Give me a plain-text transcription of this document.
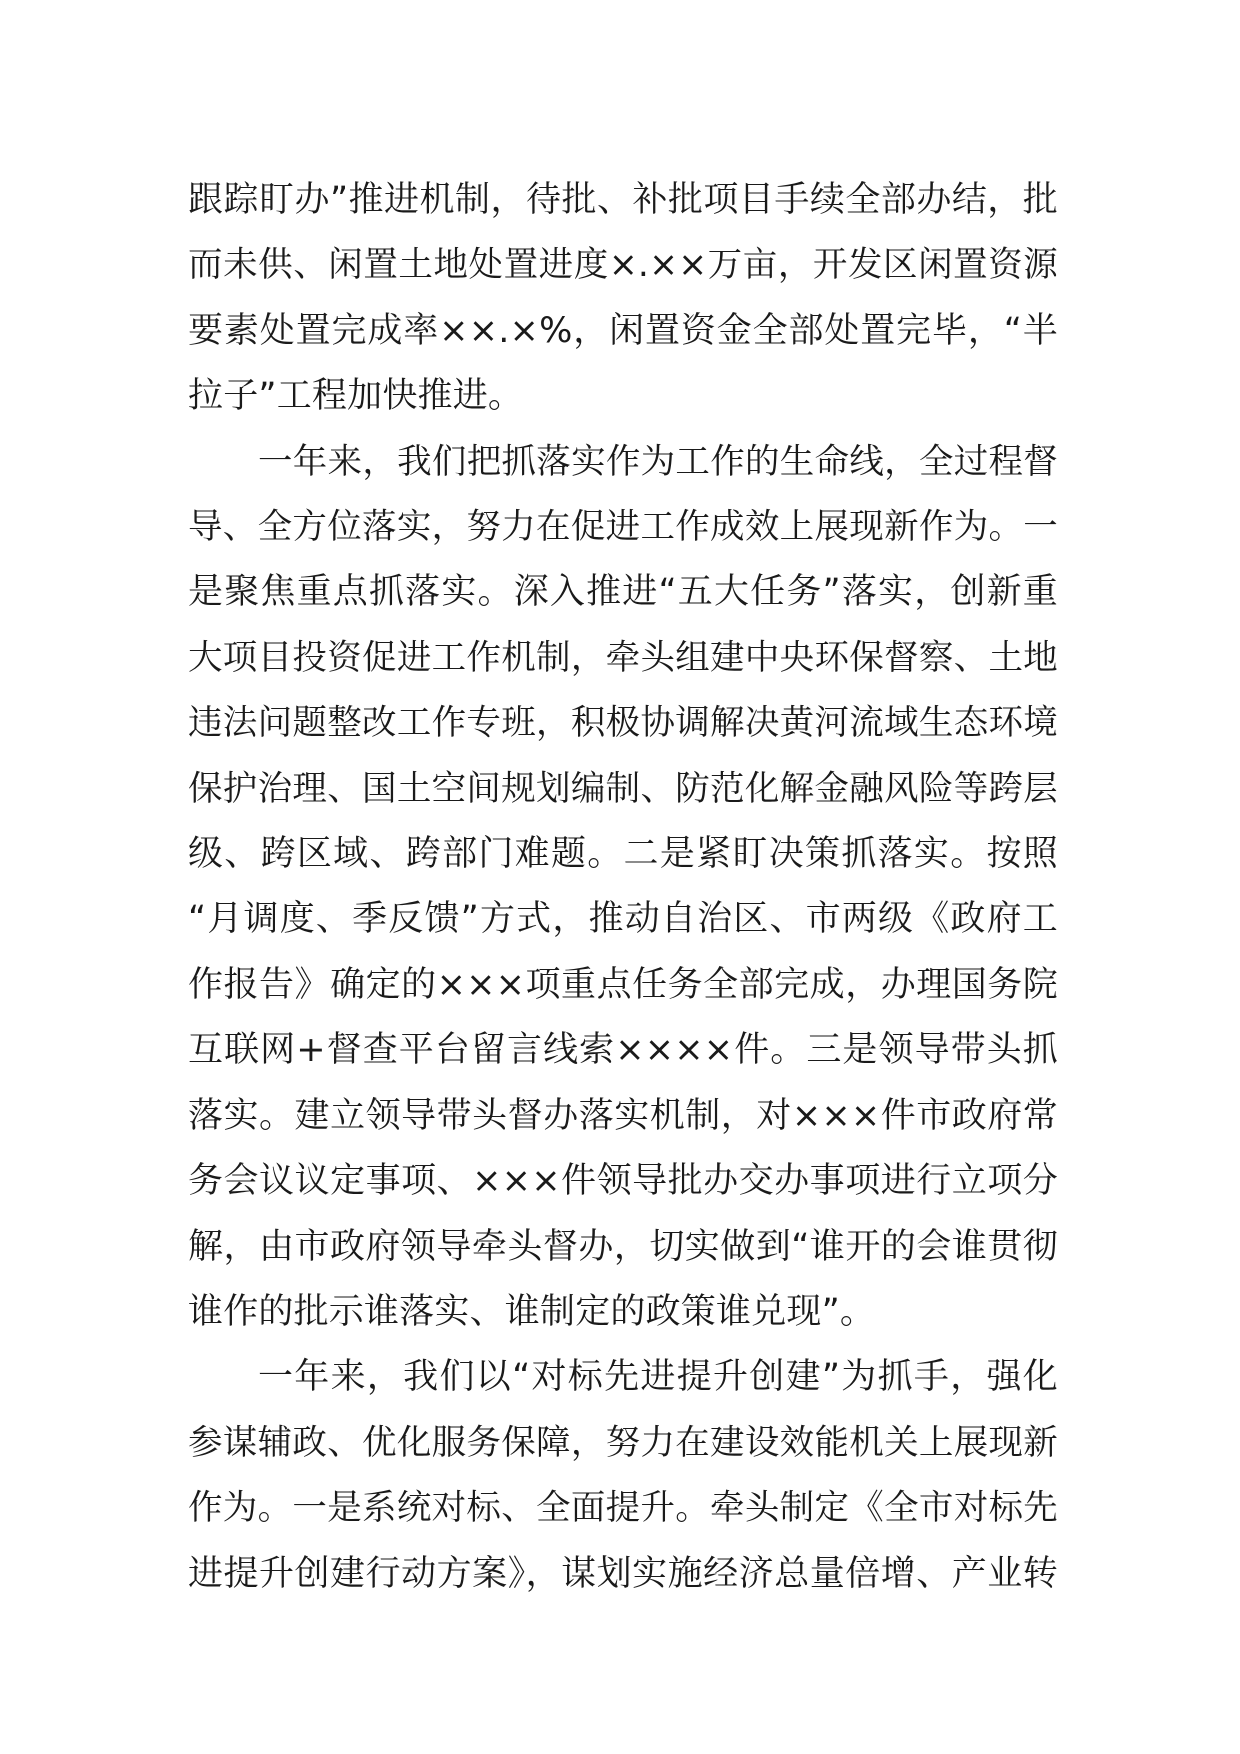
跟踪盯办”推进机制，待批、补批项目手续全部办结，批
而未供、闲置土地处置进度×.××万亩，开发区闲置资源
要素处置完成率××.×%，闲置资金全部处置完毕，“半
拉子”工程加快推进。
一年来，我们把抓落实作为工作的生命线，全过程督
导、全方位落实，努力在促进工作成效上展现新作为。一
是聚焦重点抓落实。深入推进“五大任务”落实，创新重
大项目投资促进工作机制，牵头组建中央环保督察、土地
违法问题整改工作专班，积极协调解决黄河流域生态环境
保护治理、国土空间规划编制、防范化解金融风险等跨层
级、跨区域、跨部门难题。二是紧盯决策抓落实。按照
“月调度、季反馈”方式，推动自治区、市两级《政府工
作报告》确定的×××项重点任务全部完成，办理国务院
互联网+督查平台留言线索××××件。三是领导带头抓
落实。建立领导带头督办落实机制，对×××件市政府常
务会议议定事项、×××件领导批办交办事项进行立项分
解，由市政府领导牵头督办，切实做到“谁开的会谁贯彻
谁作的批示谁落实、谁制定的政策谁兑现”。
一年来，我们以“对标先进提升创建”为抓手，强化
参谋辅政、优化服务保障，努力在建设效能机关上展现新
作为。一是系统对标、全面提升。牵头制定《全市对标先
进提升创建行动方案》，谋划实施经济总量倍增、产业转
